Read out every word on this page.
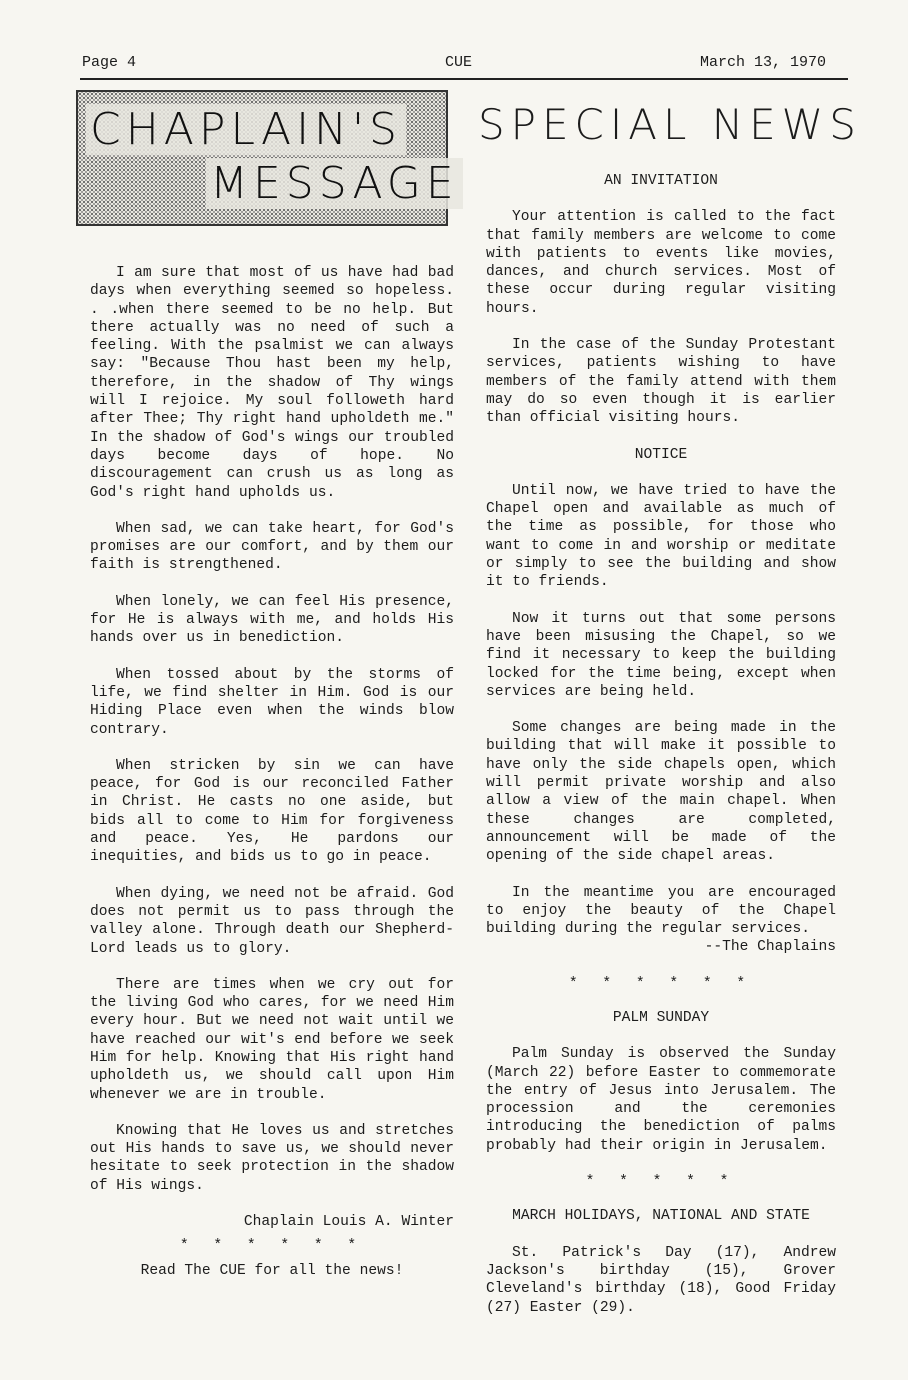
Page 4	CUE	March 13, 1970
CHAPLAIN'S
MESSAGE
SPECIAL NEWS

I am sure that most of us have had bad days when everything seemed so hopeless. . .when there seemed to be no help. But there actually was no need of such a feeling. With the psalmist we can always say: "Because Thou hast been my help, therefore, in the shadow of Thy wings will I rejoice. My soul followeth hard after Thee; Thy right hand upholdeth me." In the shadow of God's wings our troubled days become days of hope. No discouragement can crush us as long as God's right hand upholds us.

When sad, we can take heart, for God's promises are our comfort, and by them our faith is strengthened.

When lonely, we can feel His presence, for He is always with me, and holds His hands over us in benediction.

When tossed about by the storms of life, we find shelter in Him. God is our Hiding Place even when the winds blow contrary.

When stricken by sin we can have peace, for God is our reconciled Father in Christ. He casts no one aside, but bids all to come to Him for forgiveness and peace. Yes, He pardons our inequities, and bids us to go in peace.

When dying, we need not be afraid. God does not permit us to pass through the valley alone. Through death our Shepherd-Lord leads us to glory.

There are times when we cry out for the living God who cares, for we need Him every hour. But we need not wait until we have reached our wit's end before we seek Him for help. Knowing that His right hand upholdeth us, we should call upon Him whenever we are in trouble.

Knowing that He loves us and stretches out His hands to save us, we should never hesitate to seek protection in the shadow of His wings.

Chaplain Louis A. Winter

* * * * * *

Read The CUE for all the news!

AN INVITATION

Your attention is called to the fact that family members are welcome to come with patients to events like movies, dances, and church services. Most of these occur during regular visiting hours.

In the case of the Sunday Protestant services, patients wishing to have members of the family attend with them may do so even though it is earlier than official visiting hours.

NOTICE

Until now, we have tried to have the Chapel open and available as much of the time as possible, for those who want to come in and worship or meditate or simply to see the building and show it to friends.

Now it turns out that some persons have been misusing the Chapel, so we find it necessary to keep the building locked for the time being, except when services are being held.

Some changes are being made in the building that will make it possible to have only the side chapels open, which will permit private worship and also allow a view of the main chapel. When these changes are completed, announcement will be made of the opening of the side chapel areas.

In the meantime you are encouraged to enjoy the beauty of the Chapel building during the regular services.

--The Chaplains

* * * * * *

PALM SUNDAY

Palm Sunday is observed the Sunday (March 22) before Easter to commemorate the entry of Jesus into Jerusalem. The procession and the ceremonies introducing the benediction of palms probably had their origin in Jerusalem.

* * * * *

MARCH HOLIDAYS, NATIONAL AND STATE

St. Patrick's Day (17), Andrew Jackson's birthday (15), Grover Cleveland's birthday (18), Good Friday (27) Easter (29).
